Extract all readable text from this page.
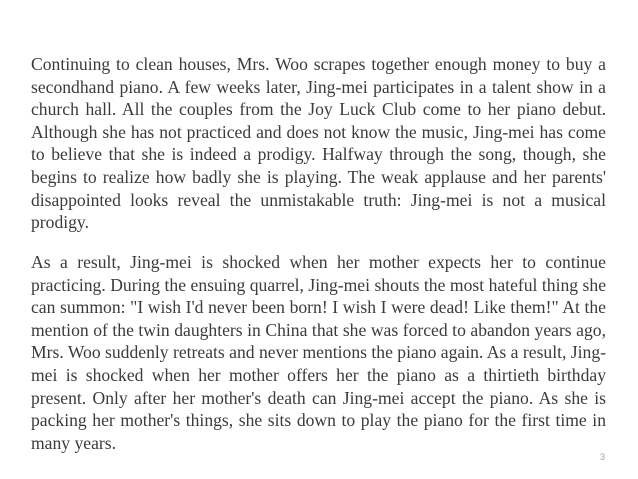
Continuing to clean houses, Mrs. Woo scrapes together enough money to buy a secondhand piano. A few weeks later, Jing-mei participates in a talent show in a church hall. All the couples from the Joy Luck Club come to her piano debut. Although she has not practiced and does not know the music, Jing-mei has come to believe that she is indeed a prodigy. Halfway through the song, though, she begins to realize how badly she is playing. The weak applause and her parents' disappointed looks reveal the unmistakable truth: Jing-mei is not a musical prodigy.

As a result, Jing-mei is shocked when her mother expects her to continue practicing. During the ensuing quarrel, Jing-mei shouts the most hateful thing she can summon: "I wish I'd never been born! I wish I were dead! Like them!" At the mention of the twin daughters in China that she was forced to abandon years ago, Mrs. Woo suddenly retreats and never mentions the piano again. As a result, Jing-mei is shocked when her mother offers her the piano as a thirtieth birthday present. Only after her mother's death can Jing-mei accept the piano. As she is packing her mother's things, she sits down to play the piano for the first time in many years.

3
